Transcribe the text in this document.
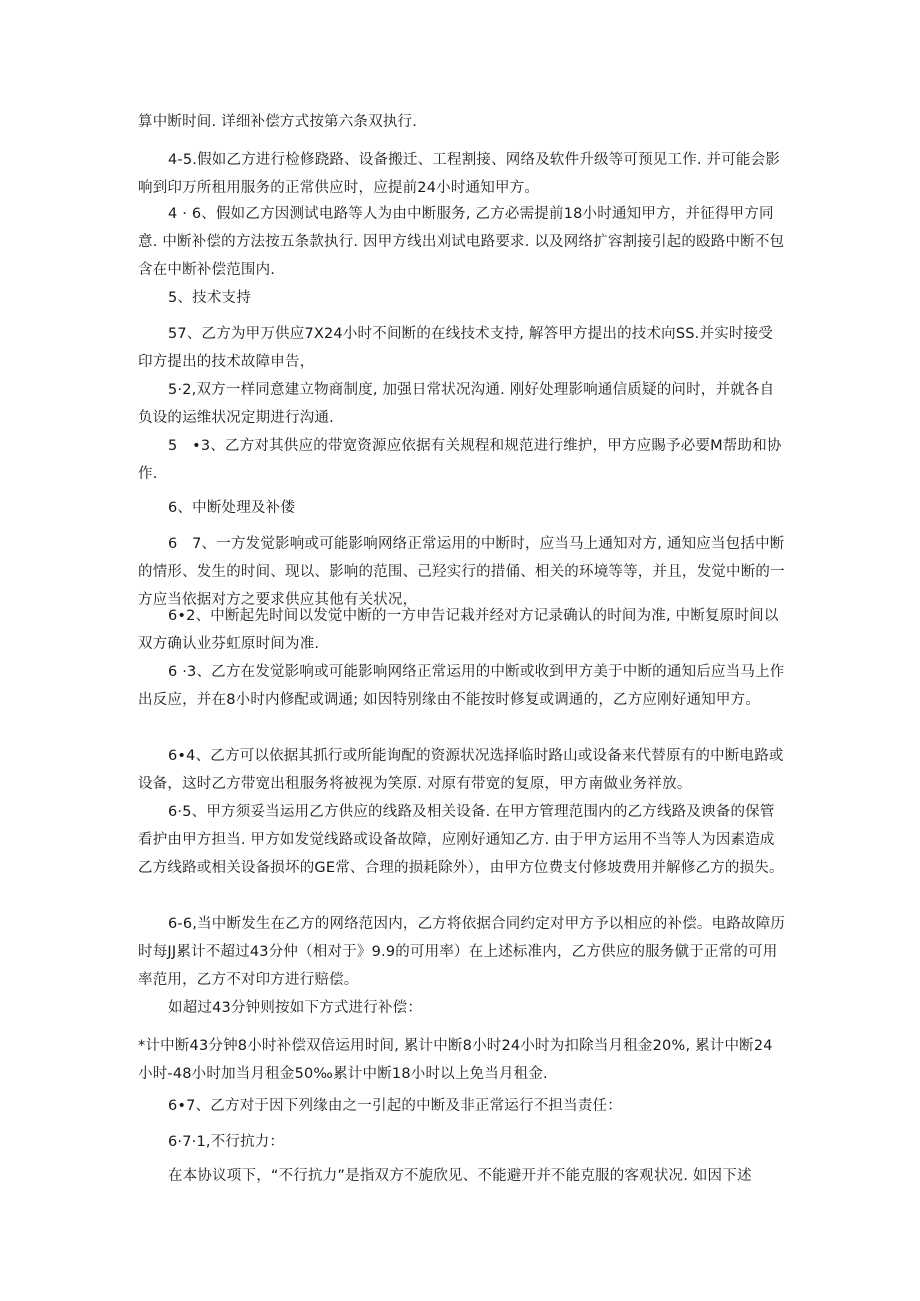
算中断时间. 详细补偿方式按第六条双执行.

4-5.假如乙方进行检修跷路、设备搬迁、工程割接、网络及软件升级等可预见工作. 并可能会影响到印万所租用服务的正常供应时，应提前24小时通知甲方。

4 · 6、假如乙方因测试电路等人为由中断服务, 乙方必需提前18小时通知甲方，并征得甲方同意. 中断补偿的方法按五条款执行. 因甲方线出刈试电路要求. 以及网络扩容割接引起的殴路中断不包含在中断补偿范围内.

5、技术支持

57、乙方为甲万供应7X24小时不间断的在线技术支持, 解答甲方提出的技术向SS.并实时接受印方提出的技术故障申告，

5·2,双方一样同意建立物商制度, 加强日常状况沟通. 刚好处理影响通信质疑的问时，并就各自负设的运维状况定期进行沟通.

5　•3、乙方对其供应的带宽资源应依据有关规程和规范进行维护，甲方应賜予必要M帮助和协作.

6、中断处理及补偻

6　7、一方发觉影响或可能影响网络正常运用的中断时，应当马上通知对方, 通知应当包括中断的情形、发生的时间、现以、影响的范围、己羟实行的措俑、相关的环境等等，并且，发觉中断的一方应当依据对方之要求供应其他有关状况，

6•2、中断起先时间以发觉中断的一方申告记栽并经对方记录确认的时间为准, 中断复原时间以双方确认业芬虹原时间为准.

6 ·3、乙方在发觉影响或可能影响网络正常运用的中断或收到甲方美于中断的通知后应当马上作出反应，并在8小时内修配或调通; 如因特别缘由不能按时修复或调通的，乙方应刚好通知甲方。

6•4、乙方可以依据其抓行或所能询配的资源状况选择临时路山或设备来代替原有的中断电路或设备，这时乙方带宽出租服务将被视为笑原. 对原有带宽的复原，甲方南做业务祥放。

6·5、甲方须妥当运用乙方供应的线路及相关设备. 在甲方管理范围内的乙方线路及谀备的保管看护由甲方担当. 甲方如发觉线路或设备故障，应刚好通知乙方. 由于甲方运用不当等人为因素造成乙方线路或相关设备损坏的GE常、合理的损耗除外），由甲方位费支付修坡费用并解修乙方的损失。

6-6,当中断发生在乙方的网络范因内，乙方将依据合同约定对甲方予以相应的补偿。电路故障历时每JJ累计不超过43分仲（相对于》9.9的可用率）在上述标准内，乙方供应的服务僦于正常的可用率范用，乙方不对印方进行赔偿。

如超过43分钟则按如下方式进行补偿：

*计中断43分钟8小时补偿双倍运用时间, 累计中断8小时24小时为扣除当月租金20%, 累计中断24小时-48小时加当月租金50‰累计中断18小时以上免当月租金.

6•7、乙方对于因下列缘由之一引起的中断及非正常运行不担当责任：

6·7·1,不行抗力：

在本协议项下，“不行抗力”是指双方不旎欣见、不能避开并不能克服的客观状况. 如因下述
